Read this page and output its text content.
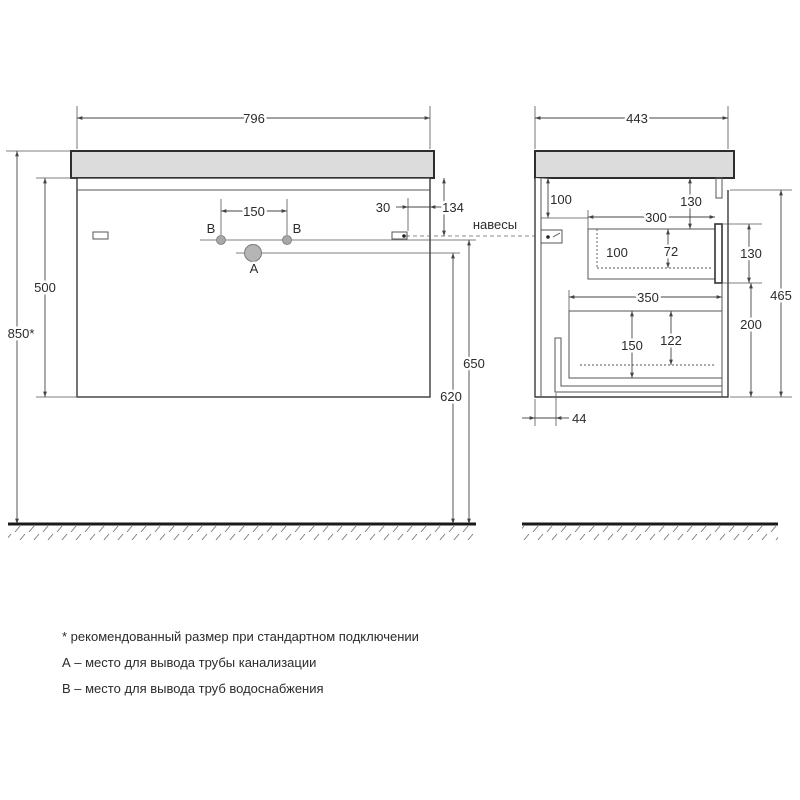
796
850*
500
150
В	В
А
30	134
навесы
650
620
443
100	130
300
100	72	130
465
350
150 122
200
44
* рекомендованный размер при стандартном подключении
А – место для вывода трубы канализации
В – место для вывода труб водоснабжения
